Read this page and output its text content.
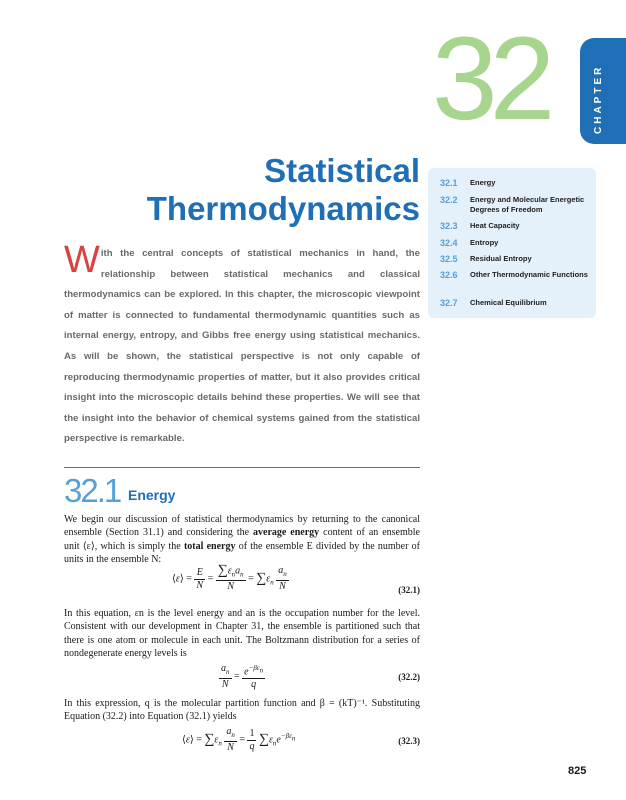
32	CHAPTER
Statistical
Thermodynamics
32.1	Energy
32.2	Energy and Molecular Energetic Degrees of Freedom
32.3	Heat Capacity
32.4	Entropy
32.5	Residual Entropy
32.6	Other Thermodynamic Functions
32.7	Chemical Equilibrium
With the central concepts of statistical mechanics in hand, the relationship between statistical mechanics and classical thermodynamics can be explored. In this chapter, the microscopic viewpoint of matter is connected to fundamental thermodynamic quantities such as internal energy, entropy, and Gibbs free energy using statistical mechanics. As will be shown, the statistical perspective is not only capable of reproducing thermodynamic properties of matter, but it also provides critical insight into the microscopic details behind these properties. We will see that the insight into the behavior of chemical systems gained from the statistical perspective is remarkable.
32.1 Energy
We begin our discussion of statistical thermodynamics by returning to the canonical ensemble (Section 31.1) and considering the average energy content of an ensemble unit ⟨ε⟩, which is simply the total energy of the ensemble E divided by the number of units in the ensemble N:
⟨ε⟩ = $\frac{E}{N} = \frac{\sum\varepsilon_na_n}{N} = \sum\varepsilon_n \frac{a_n}{N}$	(32.1)
In this equation, εn is the level energy and an is the occupation number for the level. Consistent with our development in Chapter 31, the ensemble is partitioned such that there is one atom or molecule in each unit. The Boltzmann distribution for a series of nondegenerate energy levels is
$\frac{a_n}{N} = \frac{e^{-\beta\varepsilon n}}{q}$	(32.2)
In this expression, q is the molecular partition function and β = (kT)⁻¹. Substituting Equation (32.2) into Equation (32.1) yields
⟨ε⟩ = $\sum\varepsilon_n \frac{a_n}{N} = \frac{1}{q} \sum\varepsilon_ne^{-\beta\varepsilon n}$	(32.3)
825
